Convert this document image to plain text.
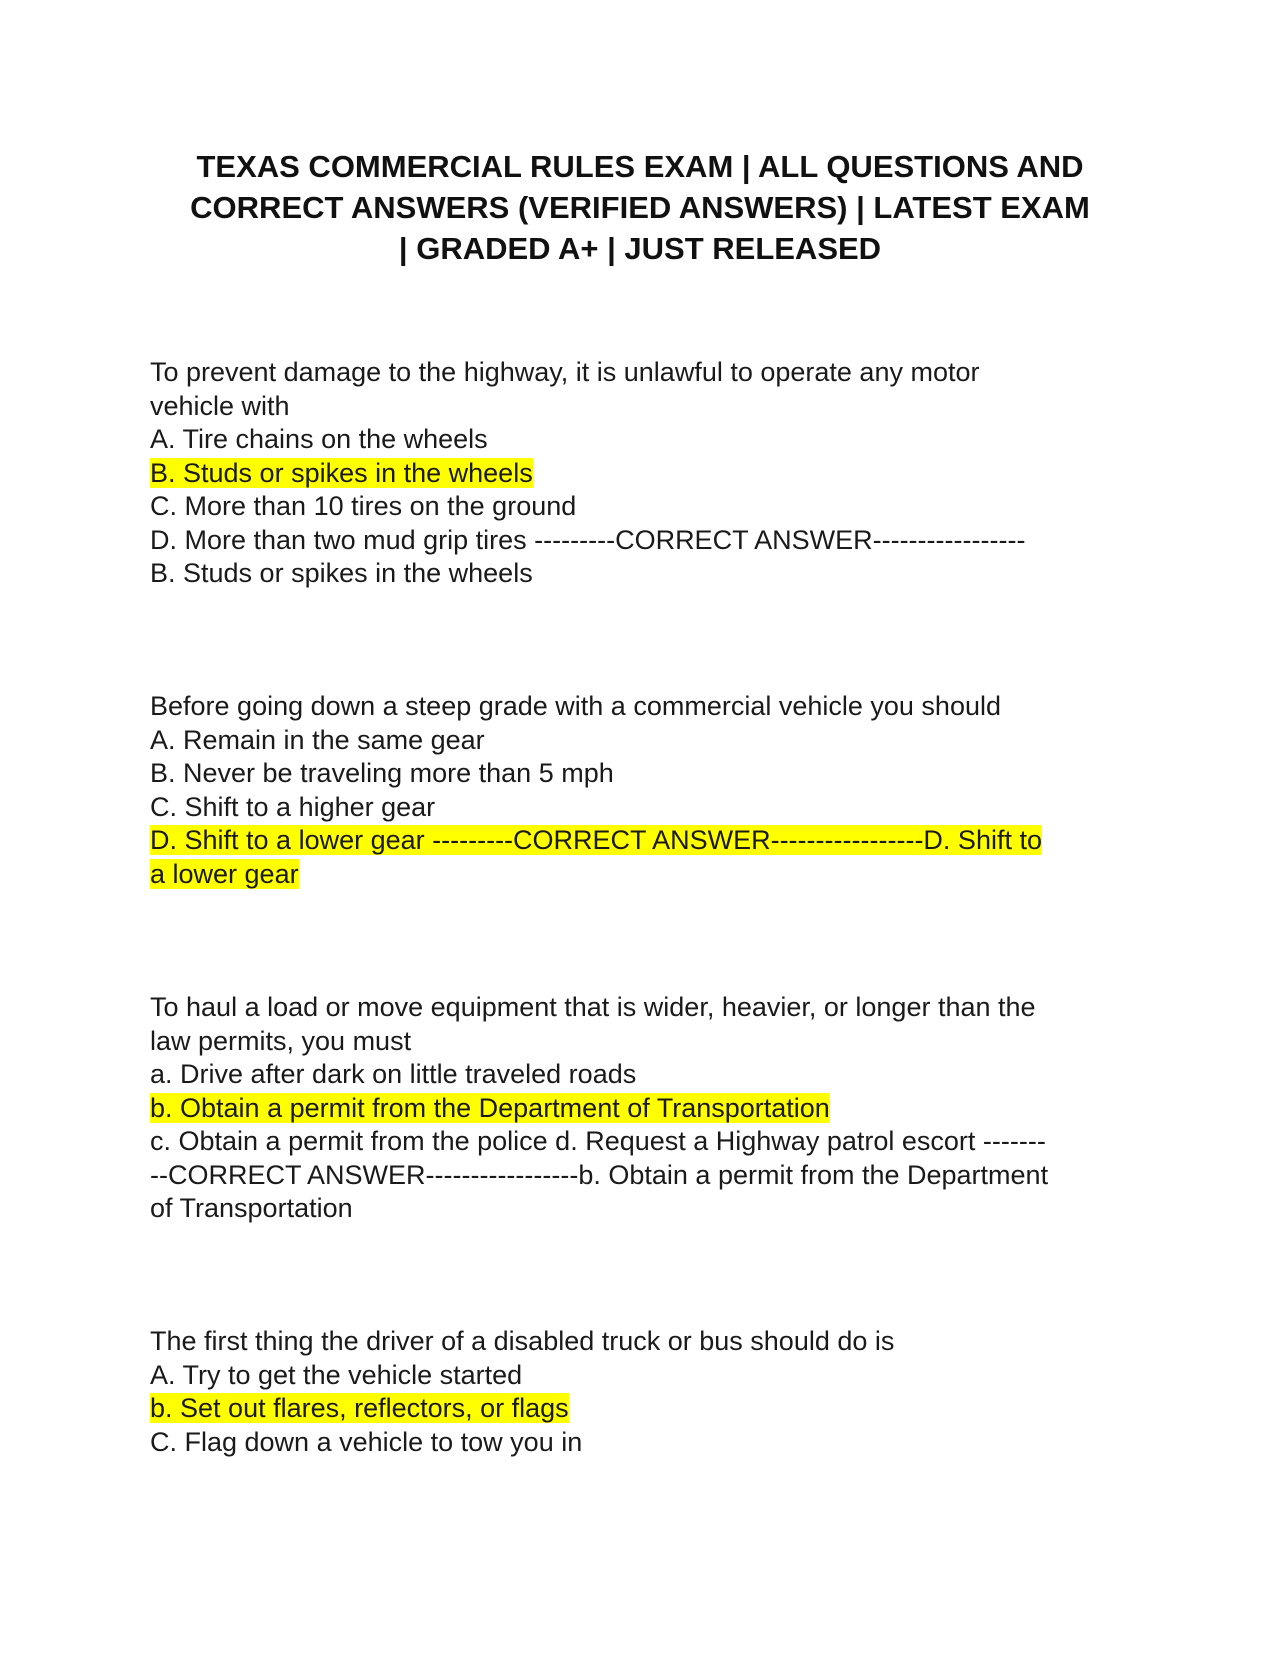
TEXAS COMMERCIAL RULES EXAM | ALL QUESTIONS AND
CORRECT ANSWERS (VERIFIED ANSWERS) | LATEST EXAM
| GRADED A+ | JUST RELEASED
To prevent damage to the highway, it is unlawful to operate any motor
vehicle with
A. Tire chains on the wheels
B. Studs or spikes in the wheels
C. More than 10 tires on the ground
D. More than two mud grip tires ---------CORRECT ANSWER-----------------
B. Studs or spikes in the wheels
Before going down a steep grade with a commercial vehicle you should
A. Remain in the same gear
B. Never be traveling more than 5 mph
C. Shift to a higher gear
D. Shift to a lower gear ---------CORRECT ANSWER-----------------D. Shift to
a lower gear
To haul a load or move equipment that is wider, heavier, or longer than the
law permits, you must
a. Drive after dark on little traveled roads
b. Obtain a permit from the Department of Transportation
c. Obtain a permit from the police d. Request a Highway patrol escort -------
--CORRECT ANSWER-----------------b. Obtain a permit from the Department
of Transportation
The first thing the driver of a disabled truck or bus should do is
A. Try to get the vehicle started
b. Set out flares, reflectors, or flags
C. Flag down a vehicle to tow you in
